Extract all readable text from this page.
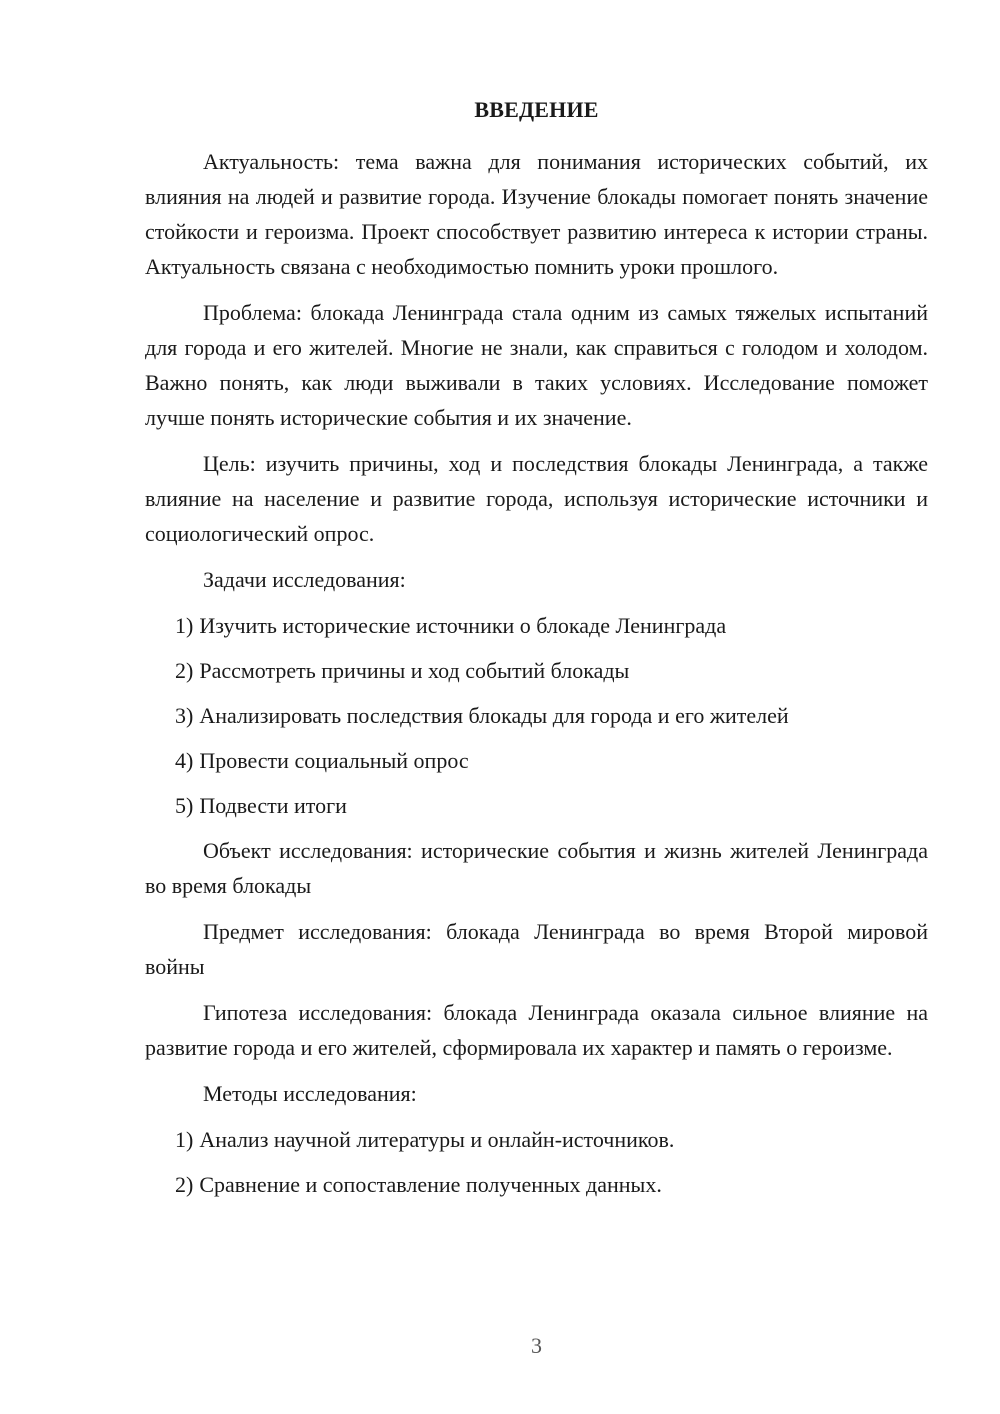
ВВЕДЕНИЕ

Актуальность: тема важна для понимания исторических событий, их влияния на людей и развитие города. Изучение блокады помогает понять значение стойкости и героизма. Проект способствует развитию интереса к истории страны. Актуальность связана с необходимостью помнить уроки прошлого.

Проблема: блокада Ленинграда стала одним из самых тяжелых испытаний для города и его жителей. Многие не знали, как справиться с голодом и холодом. Важно понять, как люди выживали в таких условиях. Исследование поможет лучше понять исторические события и их значение.

Цель: изучить причины, ход и последствия блокады Ленинграда, а также влияние на население и развитие города, используя исторические источники и социологический опрос.

Задачи исследования:

1) Изучить исторические источники о блокаде Ленинграда
2) Рассмотреть причины и ход событий блокады
3) Анализировать последствия блокады для города и его жителей
4) Провести социальный опрос
5) Подвести итоги

Объект исследования: исторические события и жизнь жителей Ленинграда во время блокады

Предмет исследования: блокада Ленинграда во время Второй мировой войны

Гипотеза исследования: блокада Ленинграда оказала сильное влияние на развитие города и его жителей, сформировала их характер и память о героизме.

Методы исследования:

1) Анализ научной литературы и онлайн-источников.
2) Сравнение и сопоставление полученных данных.
3
